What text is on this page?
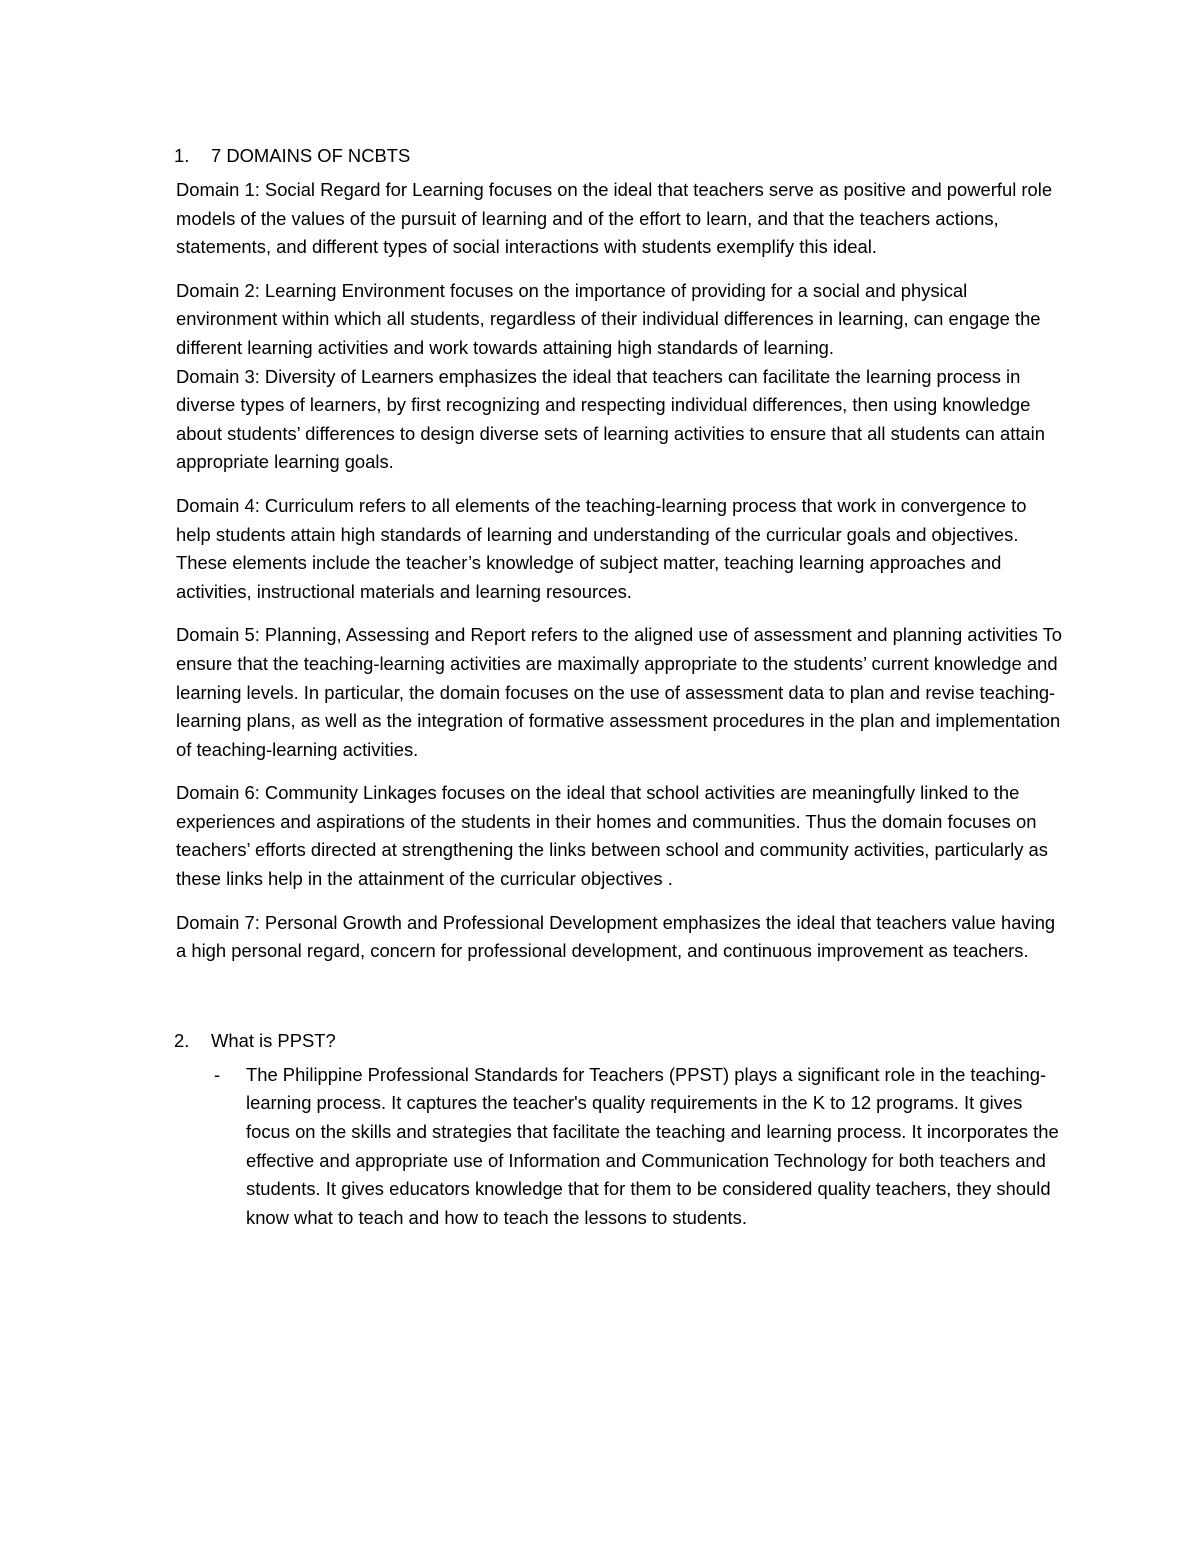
1. 7 DOMAINS OF NCBTS

Domain 1: Social Regard for Learning focuses on the ideal that teachers serve as positive and powerful role models of the values of the pursuit of learning and of the effort to learn, and that the teachers actions, statements, and different types of social interactions with students exemplify this ideal.

Domain 2: Learning Environment focuses on the importance of providing for a social and physical environment within which all students, regardless of their individual differences in learning, can engage the different learning activities and work towards attaining high standards of learning.

Domain 3: Diversity of Learners emphasizes the ideal that teachers can facilitate the learning process in diverse types of learners, by first recognizing and respecting individual differences, then using knowledge about students’ differences to design diverse sets of learning activities to ensure that all students can attain appropriate learning goals.

Domain 4: Curriculum refers to all elements of the teaching-learning process that work in convergence to help students attain high standards of learning and understanding of the curricular goals and objectives. These elements include the teacher’s knowledge of subject matter, teaching learning approaches and activities, instructional materials and learning resources.

Domain 5: Planning, Assessing and Report refers to the aligned use of assessment and planning activities To ensure that the teaching-learning activities are maximally appropriate to the students’ current knowledge and learning levels. In particular, the domain focuses on the use of assessment data to plan and revise teaching-learning plans, as well as the integration of formative assessment procedures in the plan and implementation of teaching-learning activities.

Domain 6: Community Linkages focuses on the ideal that school activities are meaningfully linked to the experiences and aspirations of the students in their homes and communities. Thus the domain focuses on teachers’ efforts directed at strengthening the links between school and community activities, particularly as these links help in the attainment of the curricular objectives .

Domain 7: Personal Growth and Professional Development emphasizes the ideal that teachers value having a high personal regard, concern for professional development, and continuous improvement as teachers.

2. What is PPST?
- The Philippine Professional Standards for Teachers (PPST) plays a significant role in the teaching-learning process. It captures the teacher's quality requirements in the K to 12 programs. It gives focus on the skills and strategies that facilitate the teaching and learning process. It incorporates the effective and appropriate use of Information and Communication Technology for both teachers and students. It gives educators knowledge that for them to be considered quality teachers, they should know what to teach and how to teach the lessons to students.
